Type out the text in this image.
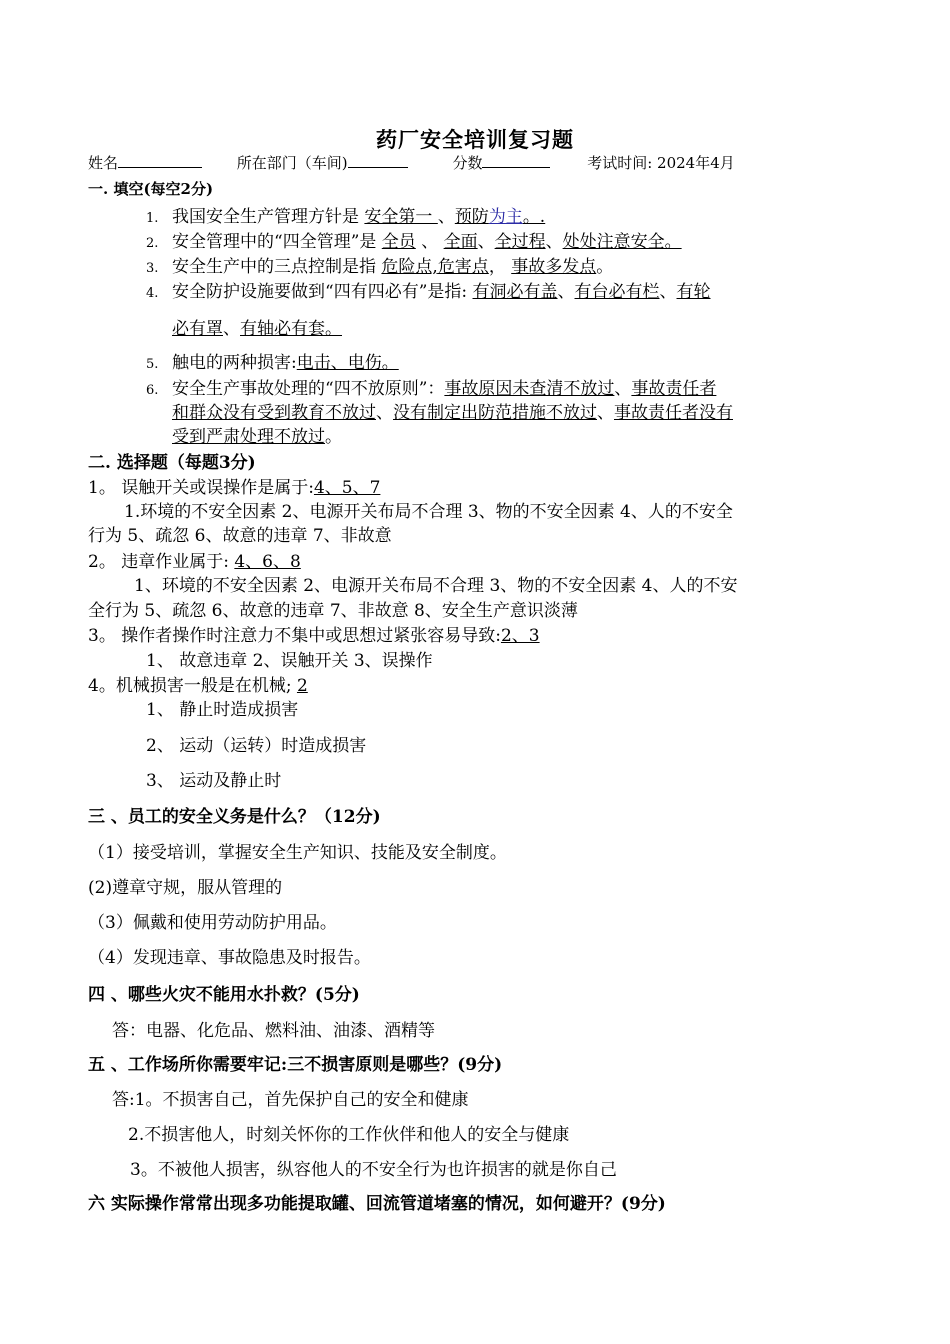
药厂安全培训复习题
姓名	所在部门（车间)	分数	考试时间: 2024年4月
一. 填空(每空2分)
1. 我国安全生产管理方针是 安全第一 、预防为主。.
2. 安全管理中的“四全管理”是 全员 、 全面、全过程、处处注意安全。
3. 安全生产中的三点控制是指 危险点,危害点， 事故多发点。
4. 安全防护设施要做到“四有四必有”是指: 有洞必有盖、有台必有栏、有轮
必有罩、有轴必有套。
5. 触电的两种损害:电击、电伤。
6. 安全生产事故处理的“四不放原则”：事故原因未查清不放过、事故责任者
和群众没有受到教育不放过、没有制定出防范措施不放过、事故责任者没有
受到严肃处理不放过。
二. 选择题（每题3分)
1。 误触开关或误操作是属于:4、5、7
1.环境的不安全因素 2、电源开关布局不合理 3、物的不安全因素 4、人的不安全
行为 5、疏忽 6、故意的违章 7、非故意
2。 违章作业属于: 4、6、8
1、环境的不安全因素 2、电源开关布局不合理 3、物的不安全因素 4、人的不安
全行为 5、疏忽 6、故意的违章 7、非故意 8、安全生产意识淡薄
3。 操作者操作时注意力不集中或思想过紧张容易导致:2、3
1、 故意违章 2、误触开关 3、误操作
4。机械损害一般是在机械; 2
1、 静止时造成损害
2、 运动（运转）时造成损害
3、 运动及静止时
三 、员工的安全义务是什么？（12分)
（1）接受培训，掌握安全生产知识、技能及安全制度。
(2)遵章守规，服从管理的
（3）佩戴和使用劳动防护用品。
（4）发现违章、事故隐患及时报告。
四 、哪些火灾不能用水扑救？(5分)
答：电器、化危品、燃料油、油漆、酒精等
五 、工作场所你需要牢记:三不损害原则是哪些？(9分)
答:1。不损害自己，首先保护自己的安全和健康
2.不损害他人，时刻关怀你的工作伙伴和他人的安全与健康
3。不被他人损害，纵容他人的不安全行为也许损害的就是你自己
六 实际操作常常出现多功能提取罐、回流管道堵塞的情况，如何避开？(9分)
